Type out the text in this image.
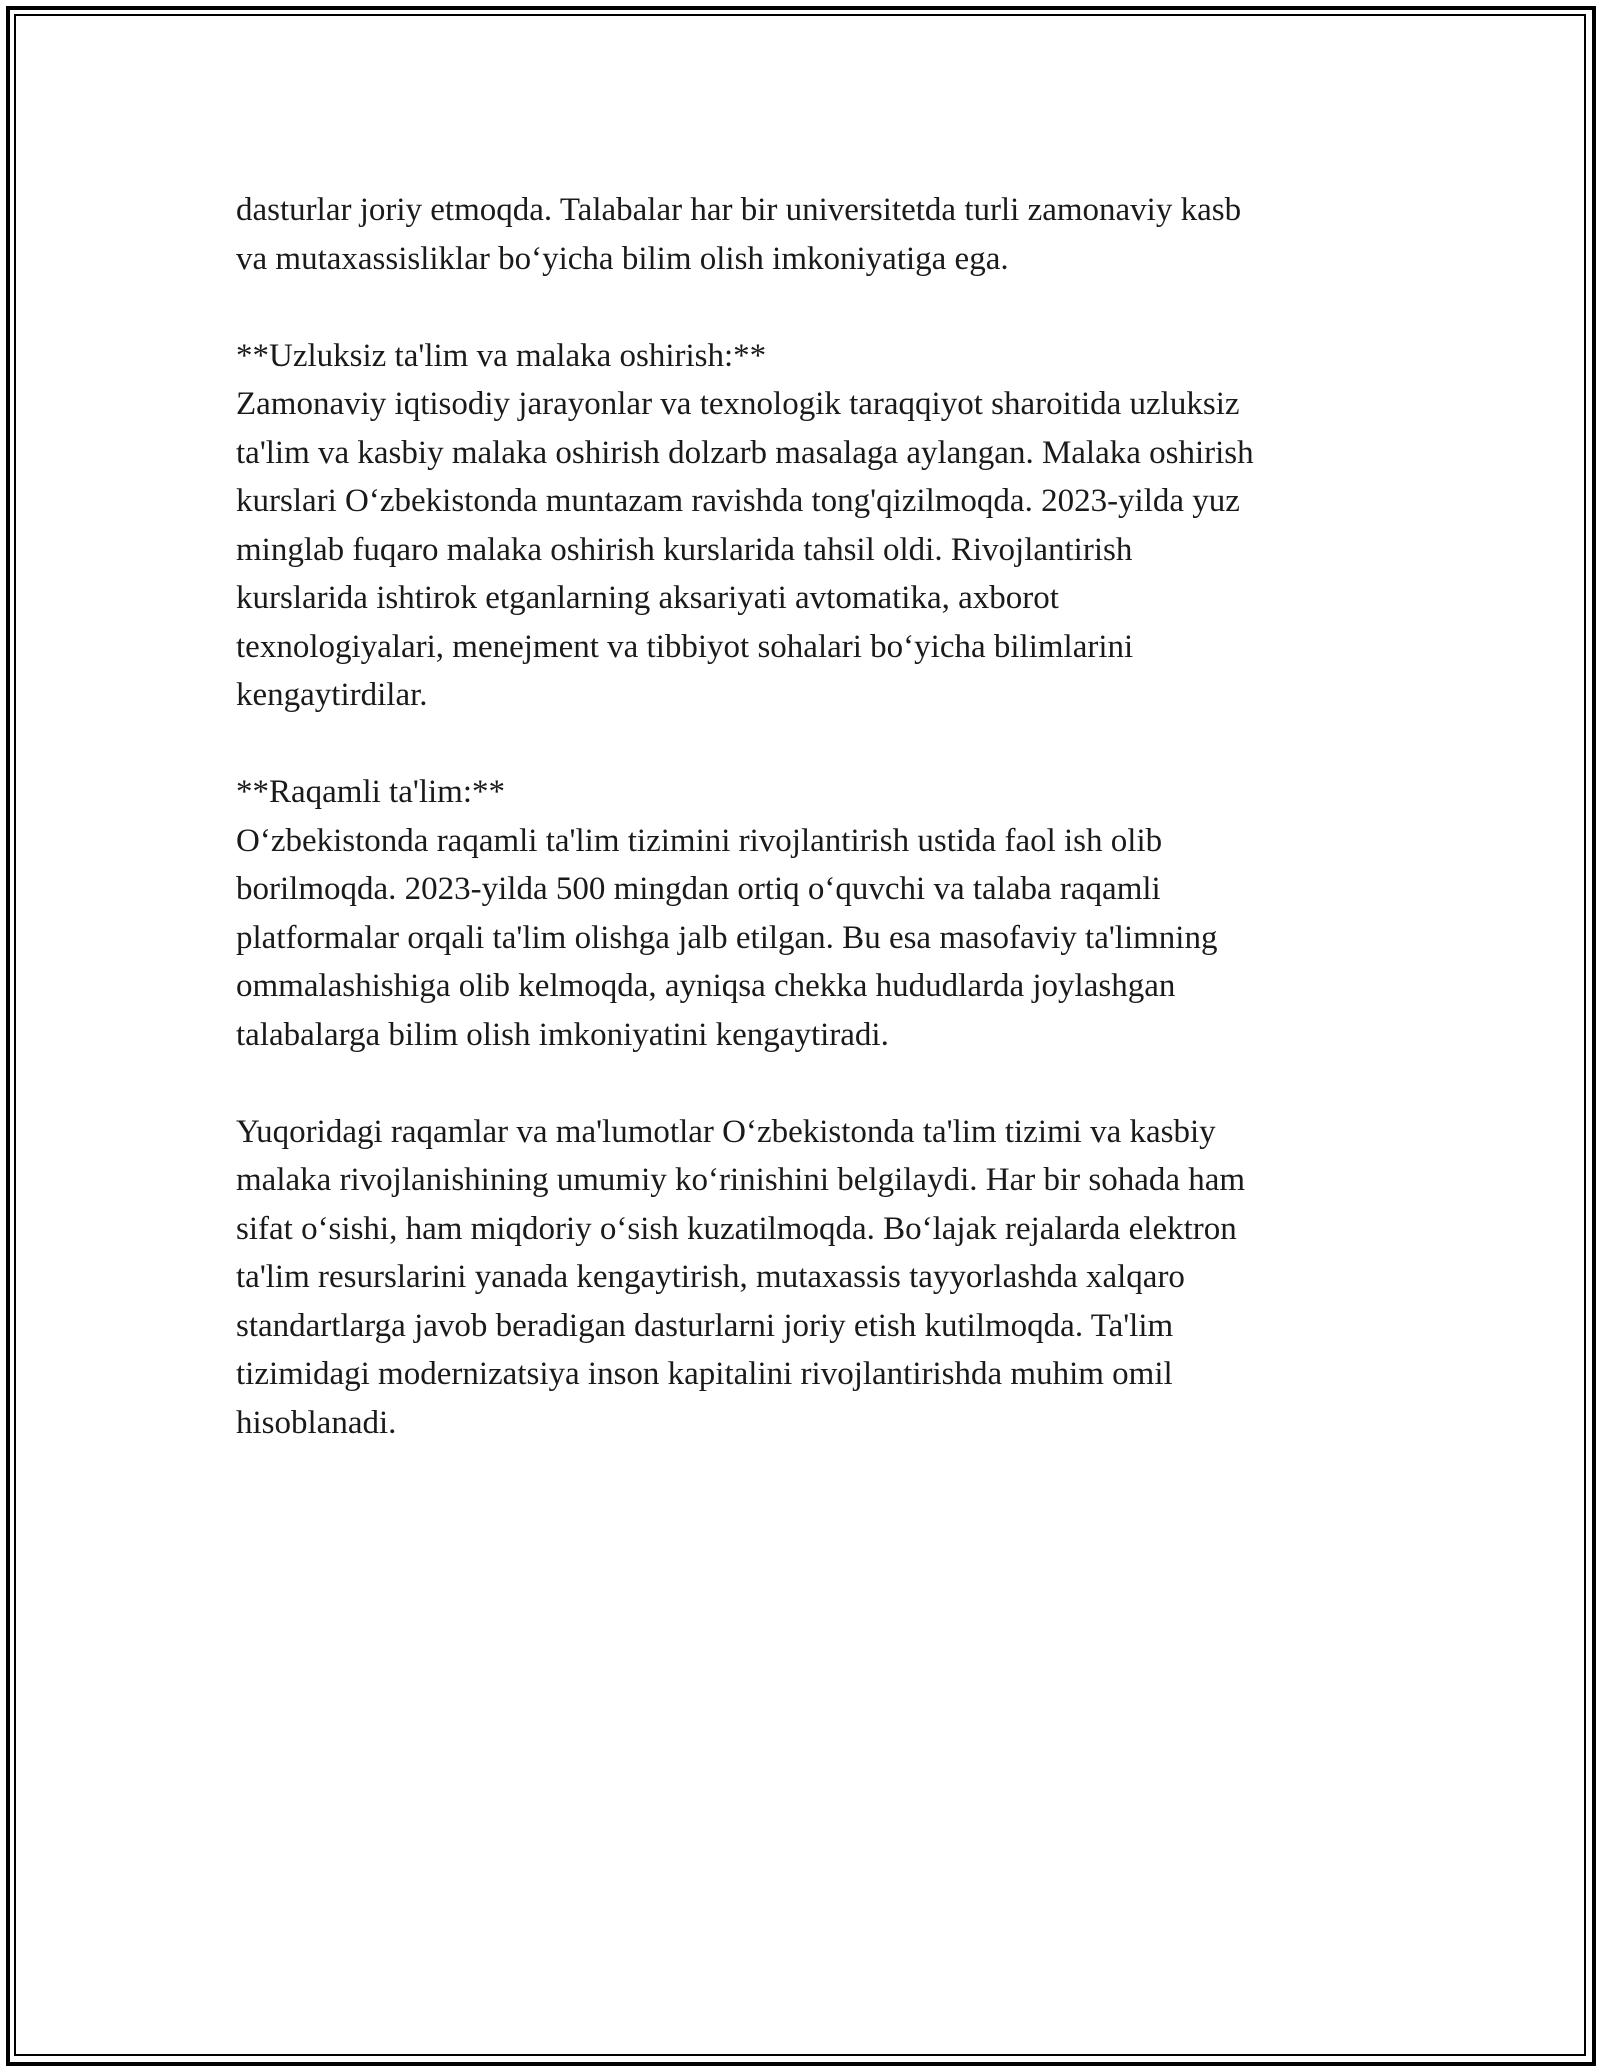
dasturlar joriy etmoqda. Talabalar har bir universitetda turli zamonaviy kasb
va mutaxassisliklar bo‘yicha bilim olish imkoniyatiga ega.

**Uzluksiz ta'lim va malaka oshirish:**
Zamonaviy iqtisodiy jarayonlar va texnologik taraqqiyot sharoitida uzluksiz
ta'lim va kasbiy malaka oshirish dolzarb masalaga aylangan. Malaka oshirish
kurslari O‘zbekistonda muntazam ravishda tong'qizilmoqda. 2023-yilda yuz
minglab fuqaro malaka oshirish kurslarida tahsil oldi. Rivojlantirish
kurslarida ishtirok etganlarning aksariyati avtomatika, axborot
texnologiyalari, menejment va tibbiyot sohalari bo‘yicha bilimlarini
kengaytirdilar.

**Raqamli ta'lim:**
O‘zbekistonda raqamli ta'lim tizimini rivojlantirish ustida faol ish olib
borilmoqda. 2023-yilda 500 mingdan ortiq o‘quvchi va talaba raqamli
platformalar orqali ta'lim olishga jalb etilgan. Bu esa masofaviy ta'limning
ommalashishiga olib kelmoqda, ayniqsa chekka hududlarda joylashgan
talabalarga bilim olish imkoniyatini kengaytiradi.

Yuqoridagi raqamlar va ma'lumotlar O‘zbekistonda ta'lim tizimi va kasbiy
malaka rivojlanishining umumiy ko‘rinishini belgilaydi. Har bir sohada ham
sifat o‘sishi, ham miqdoriy o‘sish kuzatilmoqda. Bo‘lajak rejalarda elektron
ta'lim resurslarini yanada kengaytirish, mutaxassis tayyorlashda xalqaro
standartlarga javob beradigan dasturlarni joriy etish kutilmoqda. Ta'lim
tizimidagi modernizatsiya inson kapitalini rivojlantirishda muhim omil
hisoblanadi.
